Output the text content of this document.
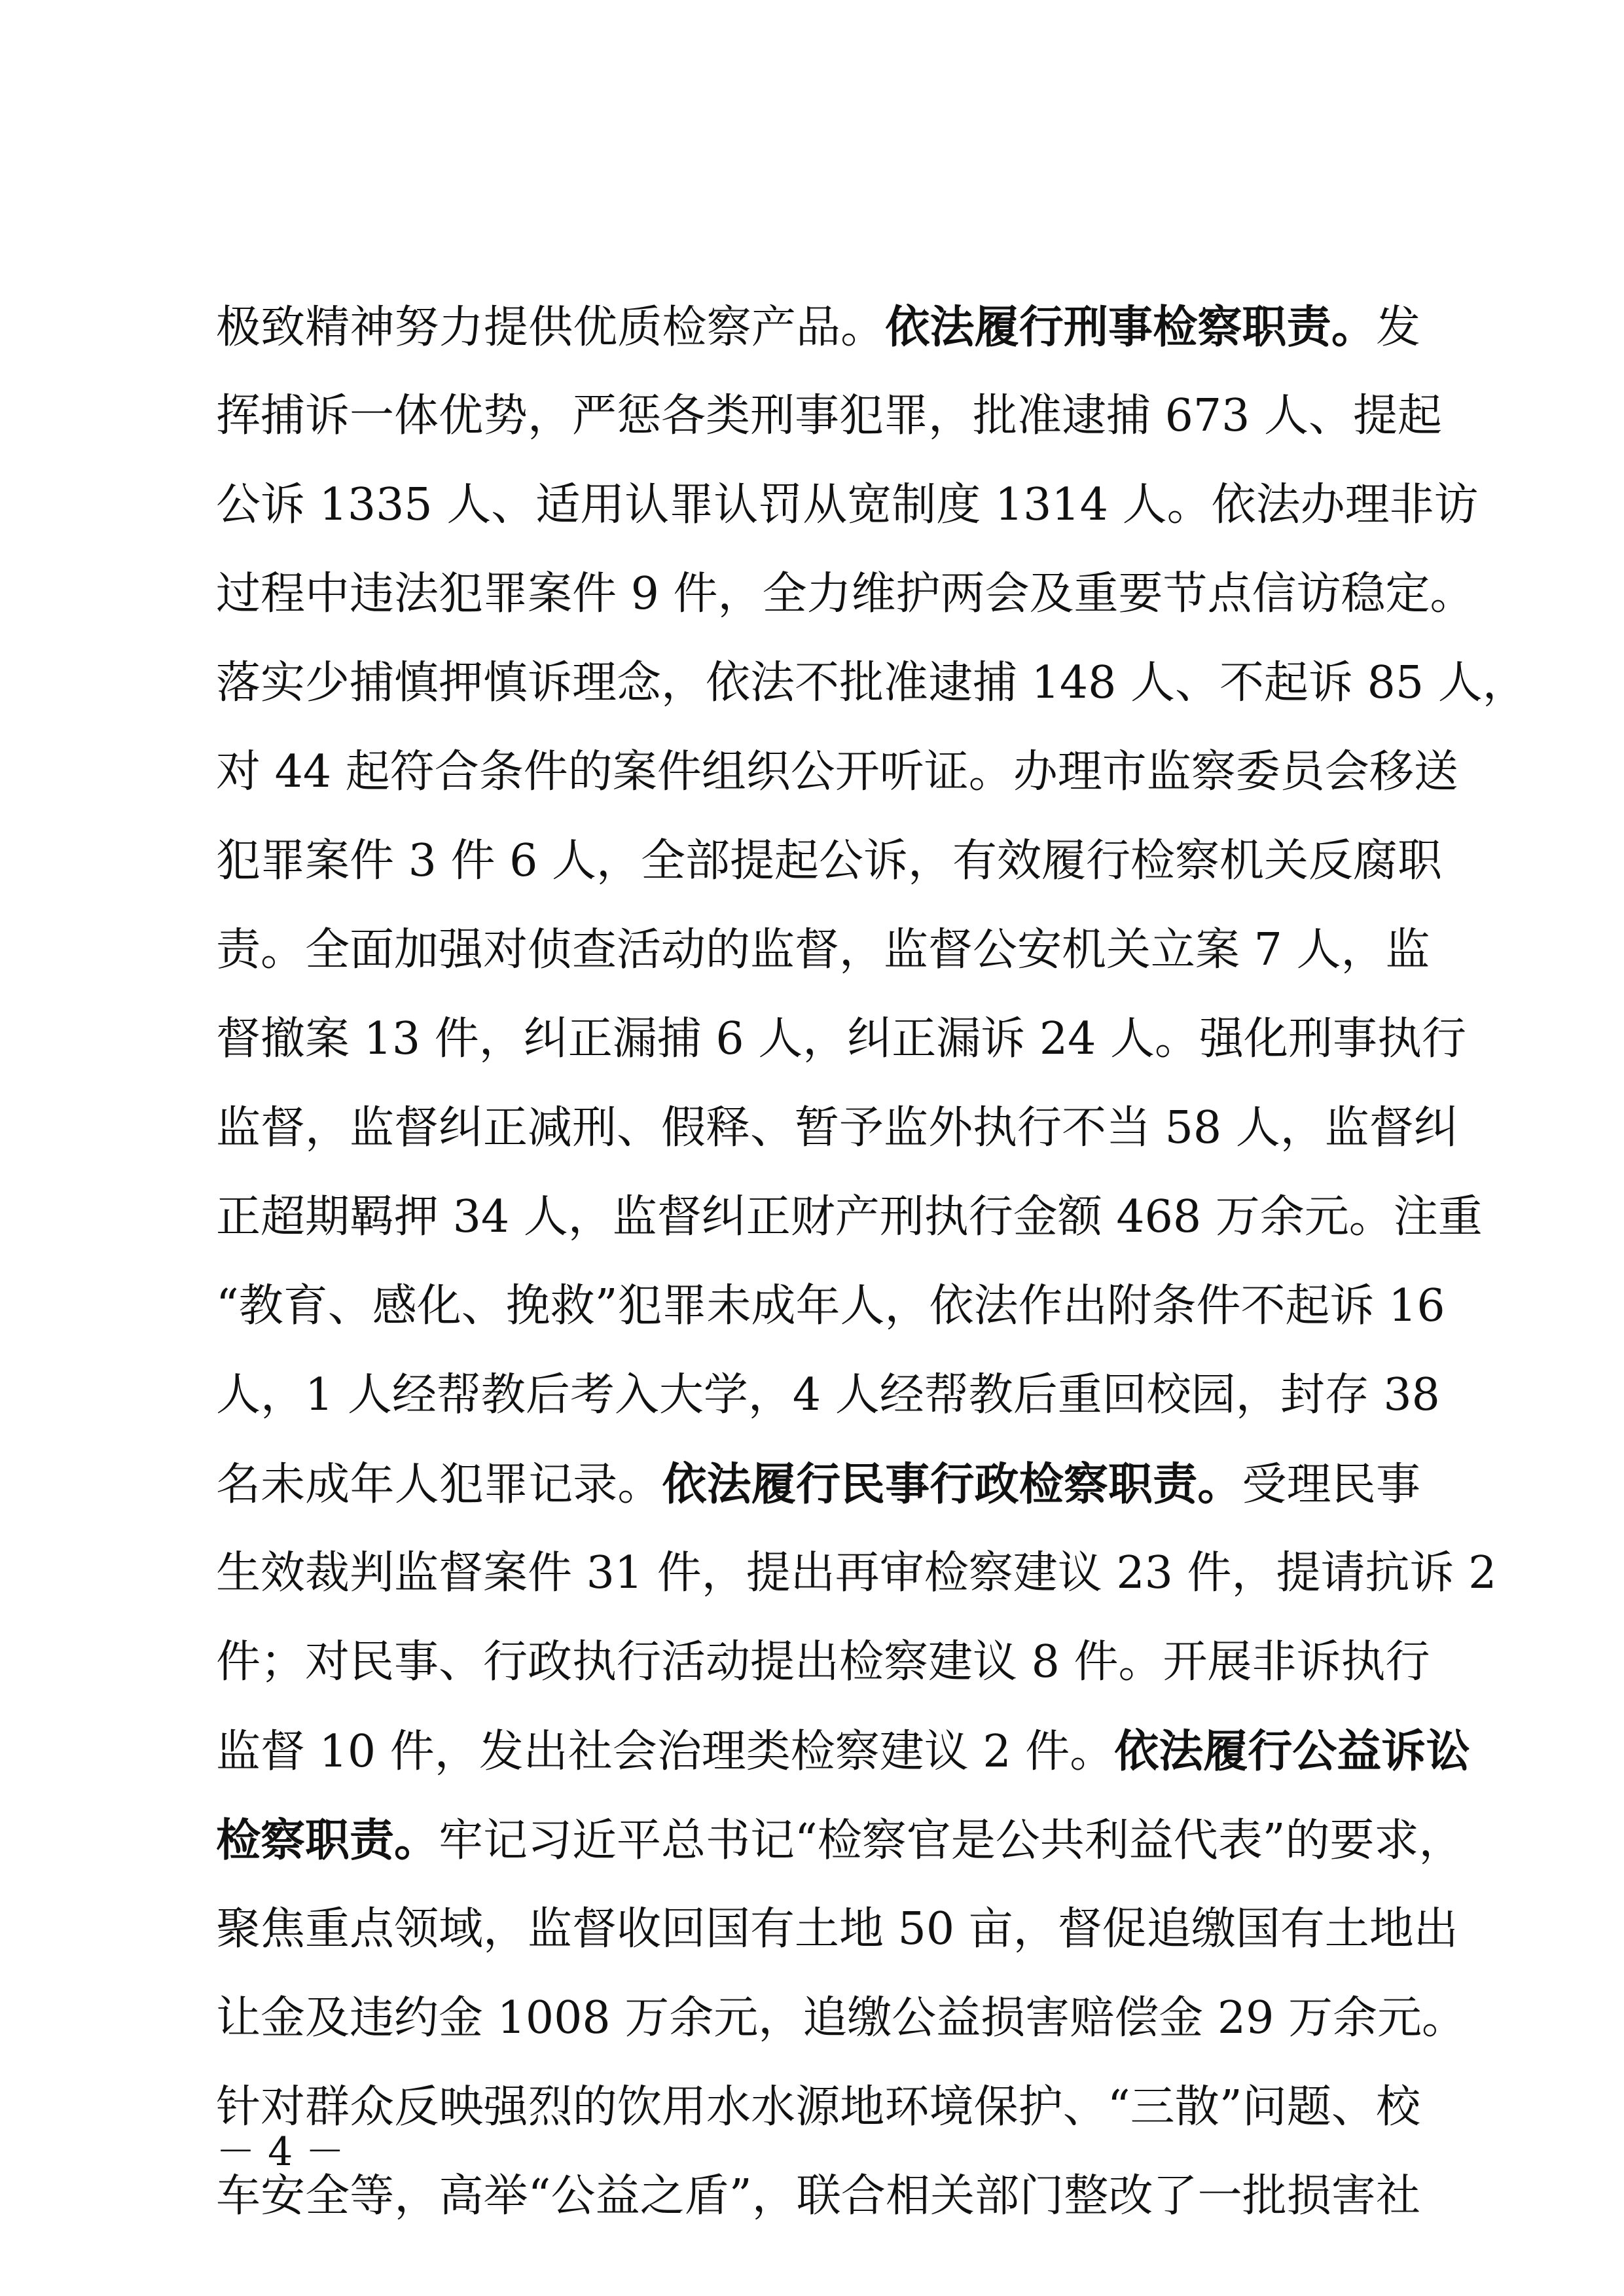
极致精神努力提供优质检察产品。依法履行刑事检察职责。发
挥捕诉一体优势，严惩各类刑事犯罪，批准逮捕 673 人、提起
公诉 1335 人、适用认罪认罚从宽制度 1314 人。依法办理非访
过程中违法犯罪案件 9 件，全力维护两会及重要节点信访稳定。
落实少捕慎押慎诉理念，依法不批准逮捕 148 人、不起诉 85 人，
对 44 起符合条件的案件组织公开听证。办理市监察委员会移送
犯罪案件 3 件 6 人，全部提起公诉，有效履行检察机关反腐职
责。全面加强对侦查活动的监督，监督公安机关立案 7 人，监
督撤案 13 件，纠正漏捕 6 人，纠正漏诉 24 人。强化刑事执行
监督，监督纠正减刑、假释、暂予监外执行不当 58 人，监督纠
正超期羁押 34 人，监督纠正财产刑执行金额 468 万余元。注重
“教育、感化、挽救”犯罪未成年人，依法作出附条件不起诉 16
人，1 人经帮教后考入大学，4 人经帮教后重回校园，封存 38
名未成年人犯罪记录。依法履行民事行政检察职责。受理民事
生效裁判监督案件 31 件，提出再审检察建议 23 件，提请抗诉 2
件；对民事、行政执行活动提出检察建议 8 件。开展非诉执行
监督 10 件，发出社会治理类检察建议 2 件。依法履行公益诉讼
检察职责。牢记习近平总书记“检察官是公共利益代表”的要求，
聚焦重点领域，监督收回国有土地 50 亩，督促追缴国有土地出
让金及违约金 1008 万余元，追缴公益损害赔偿金 29 万余元。
针对群众反映强烈的饮用水水源地环境保护、“三散”问题、校
车安全等，高举“公益之盾”，联合相关部门整改了一批损害社
－ 4 －
